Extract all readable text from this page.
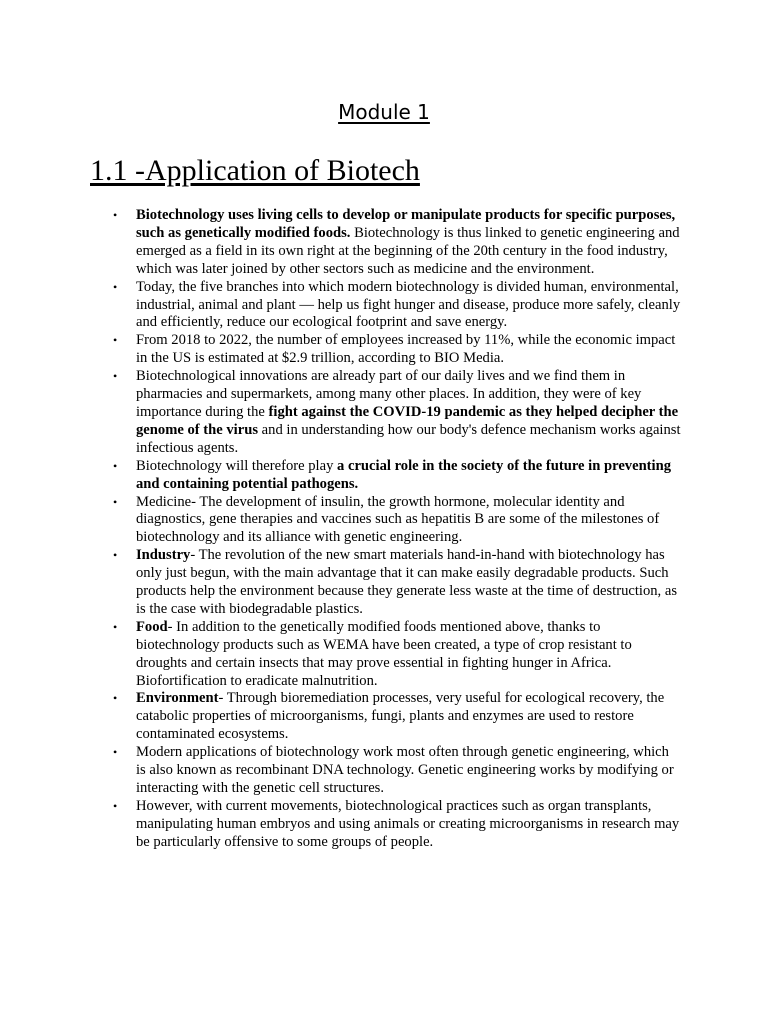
Module 1
1.1 -Application of Biotech
• Biotechnology uses living cells to develop or manipulate products for specific purposes, such as genetically modified foods. Biotechnology is thus linked to genetic engineering and emerged as a field in its own right at the beginning of the 20th century in the food industry, which was later joined by other sectors such as medicine and the environment.
• Today, the five branches into which modern biotechnology is divided human, environmental, industrial, animal and plant — help us fight hunger and disease, produce more safely, cleanly and efficiently, reduce our ecological footprint and save energy.
• From 2018 to 2022, the number of employees increased by 11%, while the economic impact in the US is estimated at $2.9 trillion, according to BIO Media.
• Biotechnological innovations are already part of our daily lives and we find them in pharmacies and supermarkets, among many other places. In addition, they were of key importance during the fight against the COVID-19 pandemic as they helped decipher the genome of the virus and in understanding how our body's defence mechanism works against infectious agents.
• Biotechnology will therefore play a crucial role in the society of the future in preventing and containing potential pathogens.
• Medicine- The development of insulin, the growth hormone, molecular identity and diagnostics, gene therapies and vaccines such as hepatitis B are some of the milestones of biotechnology and its alliance with genetic engineering.
• Industry- The revolution of the new smart materials hand-in-hand with biotechnology has only just begun, with the main advantage that it can make easily degradable products. Such products help the environment because they generate less waste at the time of destruction, as is the case with biodegradable plastics.
• Food- In addition to the genetically modified foods mentioned above, thanks to biotechnology products such as WEMA have been created, a type of crop resistant to droughts and certain insects that may prove essential in fighting hunger in Africa. Biofortification to eradicate malnutrition.
• Environment- Through bioremediation processes, very useful for ecological recovery, the catabolic properties of microorganisms, fungi, plants and enzymes are used to restore contaminated ecosystems.
• Modern applications of biotechnology work most often through genetic engineering, which is also known as recombinant DNA technology. Genetic engineering works by modifying or interacting with the genetic cell structures.
• However, with current movements, biotechnological practices such as organ transplants, manipulating human embryos and using animals or creating microorganisms in research may be particularly offensive to some groups of people.
